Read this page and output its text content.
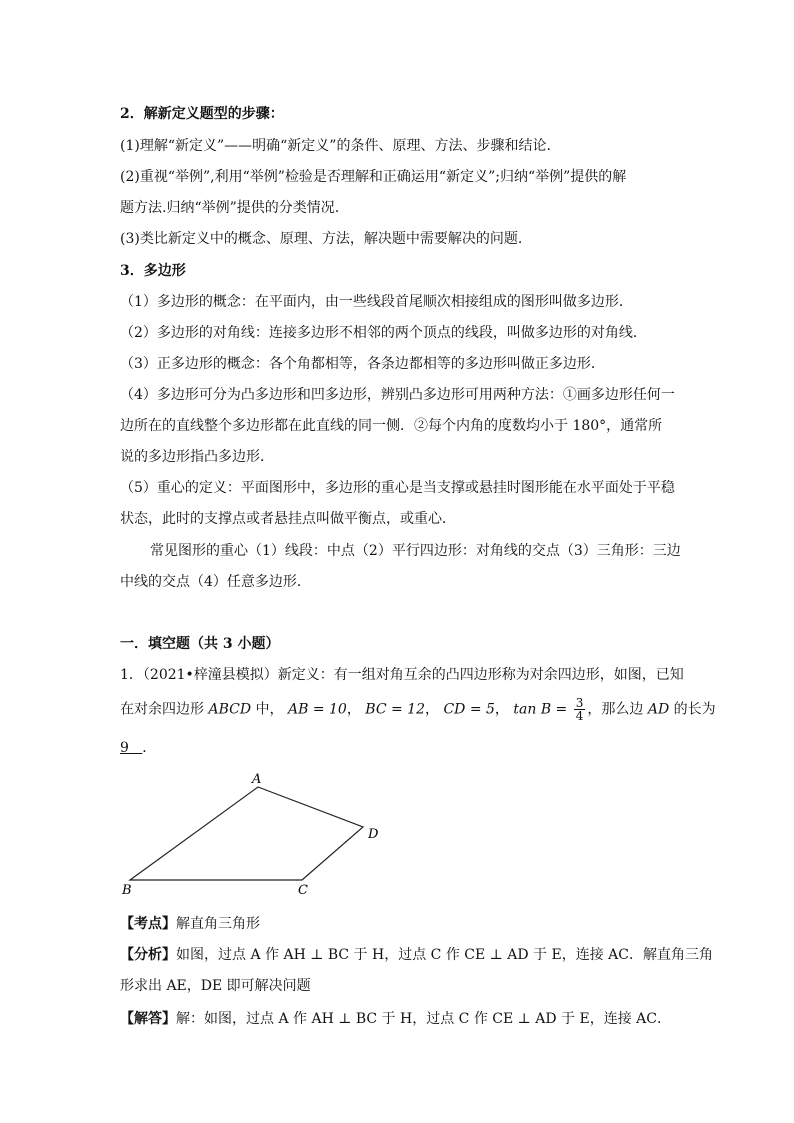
2．解新定义题型的步骤：
(1)理解“新定义”——明确“新定义”的条件、原理、方法、步骤和结论.
(2)重视“举例”,利用“举例”检验是否理解和正确运用“新定义”;归纳“举例”提供的解
题方法.归纳“举例”提供的分类情况.
(3)类比新定义中的概念、原理、方法，解决题中需要解决的问题.
3．多边形
（1）多边形的概念：在平面内，由一些线段首尾顺次相接组成的图形叫做多边形．
（2）多边形的对角线：连接多边形不相邻的两个顶点的线段，叫做多边形的对角线．
（3）正多边形的概念：各个角都相等，各条边都相等的多边形叫做正多边形．
（4）多边形可分为凸多边形和凹多边形，辨别凸多边形可用两种方法：①画多边形任何一
边所在的直线整个多边形都在此直线的同一侧．②每个内角的度数均小于 180°，通常所
说的多边形指凸多边形．
（5）重心的定义：平面图形中，多边形的重心是当支撑或悬挂时图形能在水平面处于平稳
状态，此时的支撑点或者悬挂点叫做平衡点，或重心．
常见图形的重心（1）线段：中点（2）平行四边形：对角线的交点（3）三角形：三边
中线的交点（4）任意多边形．
一．填空题（共 3 小题）
1．（2021•梓潼县模拟）新定义：有一组对角互余的凸四边形称为对余四边形，如图，已知
在对余四边形 ABCD 中， AB = 10， BC = 12， CD = 5， $\tan B = \frac{3}{4}$ ，那么边 AD 的长为
9 ．
A
B	C
D
【考点】解直角三角形
【分析】如图，过点 A 作 AH ⊥ BC 于 H，过点 C 作 CE ⊥ AD 于 E，连接 AC．解直角三角
形求出 AE，DE 即可解决问题
【解答】解：如图，过点 A 作 AH ⊥ BC 于 H，过点 C 作 CE ⊥ AD 于 E，连接 AC．
